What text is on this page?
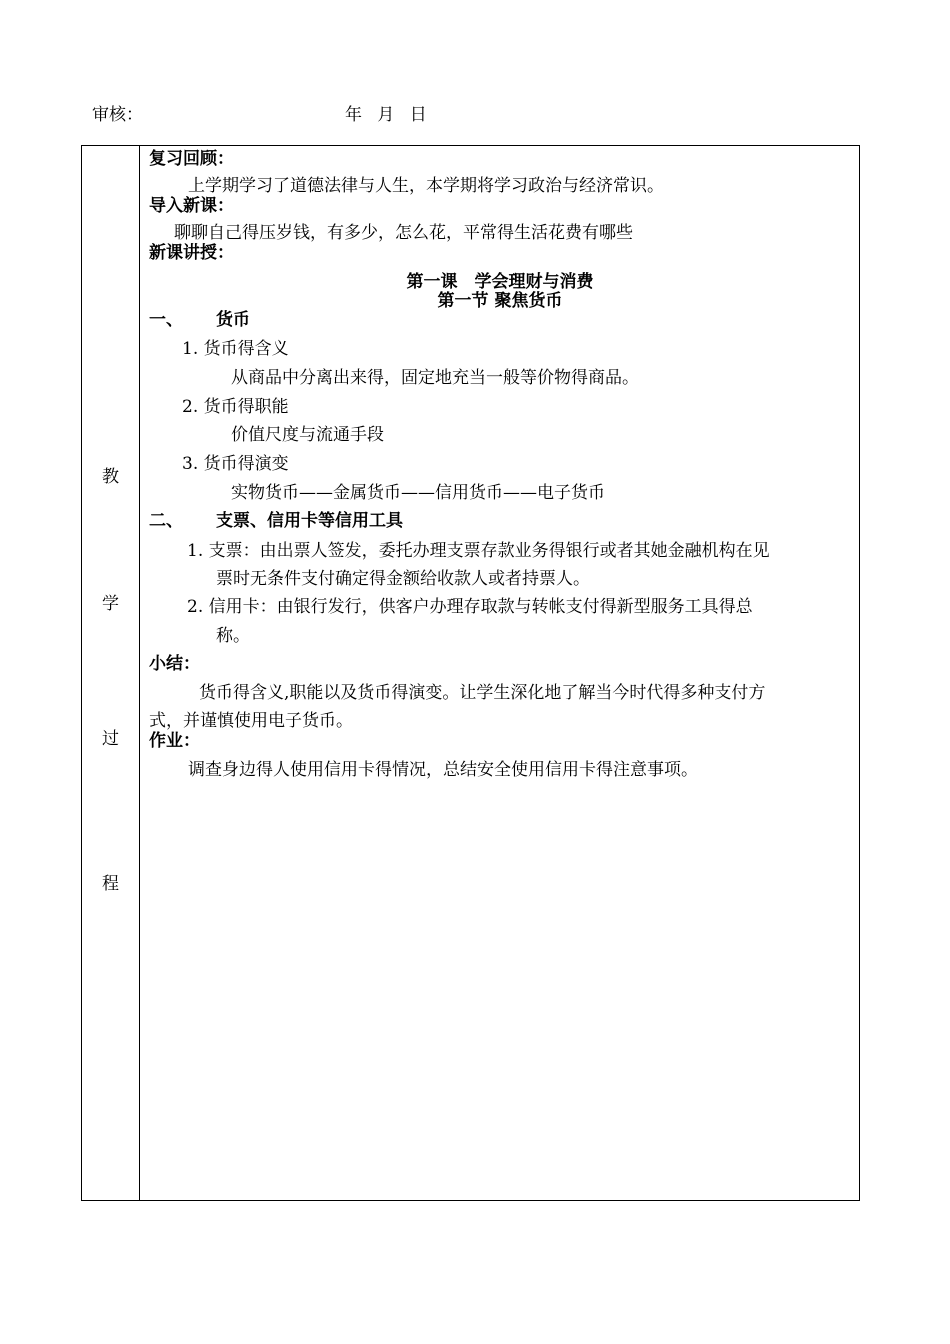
审核：	年 月 日
教
学
过
程
复习回顾：
上学期学习了道德法律与人生，本学期将学习政治与经济常识。
导入新课：
聊聊自己得压岁钱，有多少，怎么花，平常得生活花费有哪些
新课讲授：
第一课　学会理财与消费
第一节 聚焦货币
一、 货币
1. 货币得含义
从商品中分离出来得，固定地充当一般等价物得商品。
2. 货币得职能
价值尺度与流通手段
3. 货币得演变
实物货币——金属货币——信用货币——电子货币
二、 支票、信用卡等信用工具
1. 支票：由出票人签发，委托办理支票存款业务得银行或者其她金融机构在见
票时无条件支付确定得金额给收款人或者持票人。
2. 信用卡：由银行发行，供客户办理存取款与转帐支付得新型服务工具得总
称。
小结：
货币得含义,职能以及货币得演变。让学生深化地了解当今时代得多种支付方
式，并谨慎使用电子货币。
作业：
调查身边得人使用信用卡得情况，总结安全使用信用卡得注意事项。
